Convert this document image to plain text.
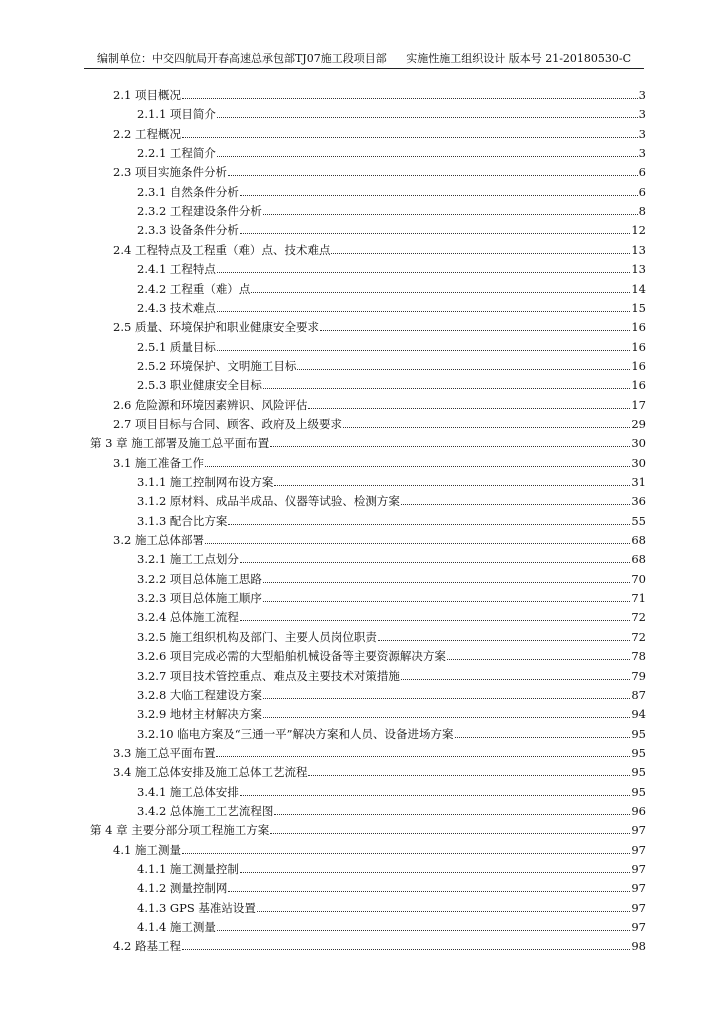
编制单位：中交四航局开春高速总承包部TJ07施工段项目部 实施性施工组织设计 版本号 21-20180530-C
2.1 项目概况	3
2.1.1 项目简介	3
2.2 工程概况	3
2.2.1 工程简介	3
2.3 项目实施条件分析	6
2.3.1 自然条件分析	6
2.3.2 工程建设条件分析	8
2.3.3 设备条件分析	12
2.4 工程特点及工程重（难）点、技术难点	13
2.4.1 工程特点	13
2.4.2 工程重（难）点	14
2.4.3 技术难点	15
2.5 质量、环境保护和职业健康安全要求	16
2.5.1 质量目标	16
2.5.2 环境保护、文明施工目标	16
2.5.3 职业健康安全目标	16
2.6 危险源和环境因素辨识、风险评估	17
2.7 项目目标与合同、顾客、政府及上级要求	29
第 3 章 施工部署及施工总平面布置	30
3.1 施工准备工作	30
3.1.1 施工控制网布设方案	31
3.1.2 原材料、成品半成品、仪器等试验、检测方案	36
3.1.3 配合比方案	55
3.2 施工总体部署	68
3.2.1 施工工点划分	68
3.2.2 项目总体施工思路	70
3.2.3 项目总体施工顺序	71
3.2.4 总体施工流程	72
3.2.5 施工组织机构及部门、主要人员岗位职责	72
3.2.6 项目完成必需的大型船舶机械设备等主要资源解决方案	78
3.2.7 项目技术管控重点、难点及主要技术对策措施	79
3.2.8 大临工程建设方案	87
3.2.9 地材主材解决方案	94
3.2.10 临电方案及“三通一平”解决方案和人员、设备进场方案	95
3.3 施工总平面布置	95
3.4 施工总体安排及施工总体工艺流程	95
3.4.1 施工总体安排	95
3.4.2 总体施工工艺流程图	96
第 4 章 主要分部分项工程施工方案	97
4.1 施工测量	97
4.1.1 施工测量控制	97
4.1.2 测量控制网	97
4.1.3 GPS 基准站设置	97
4.1.4 施工测量	97
4.2 路基工程	98
